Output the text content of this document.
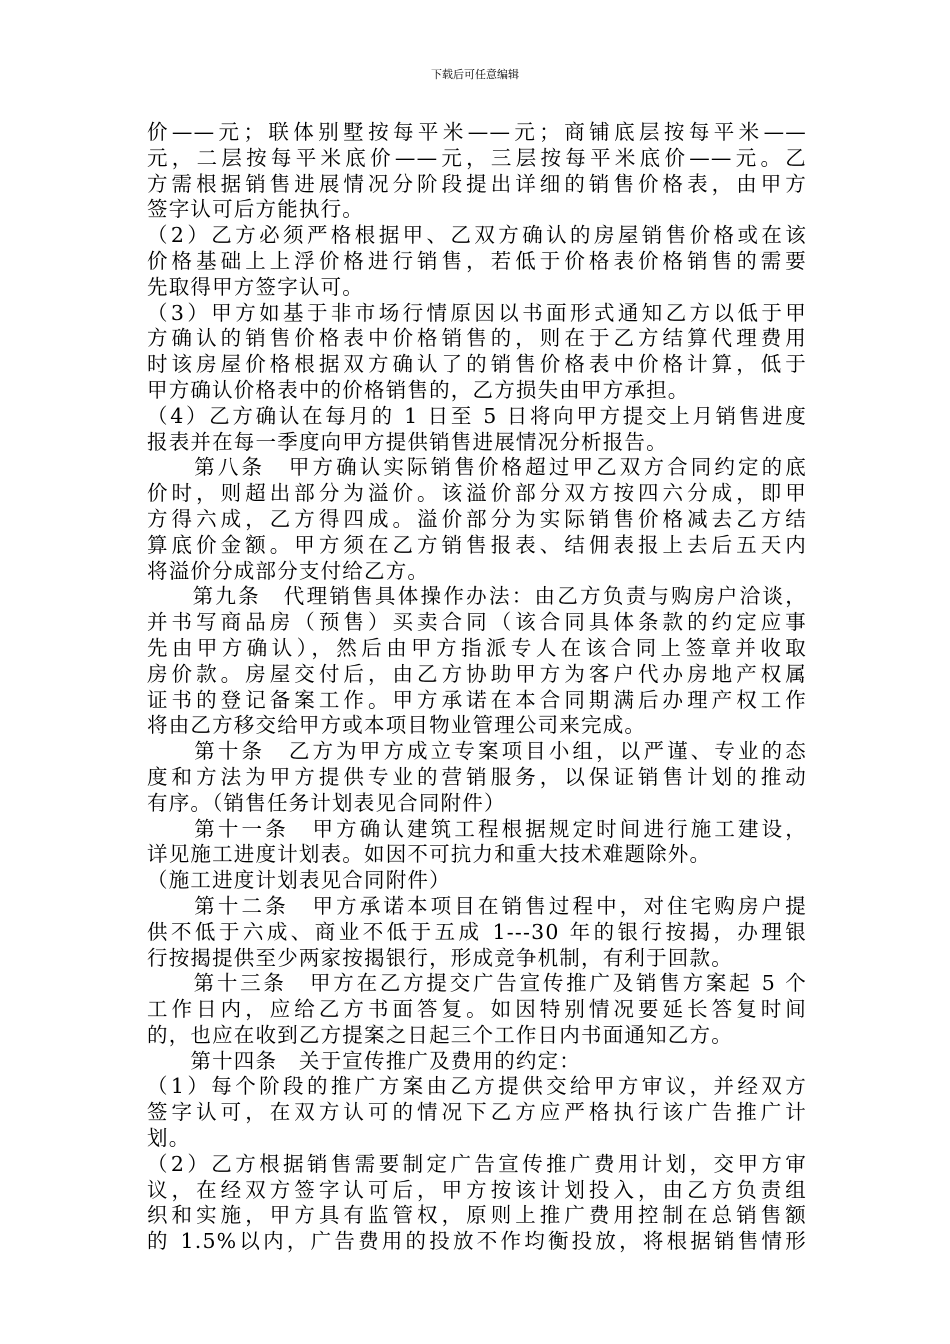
下载后可任意编辑
价——元；联体别墅按每平米——元；商铺底层按每平米——
元，二层按每平米底价——元，三层按每平米底价——元。乙
方需根据销售进展情况分阶段提出详细的销售价格表，由甲方
签字认可后方能执行。
（2）乙方必须严格根据甲、乙双方确认的房屋销售价格或在该
价格基础上上浮价格进行销售，若低于价格表价格销售的需要
先取得甲方签字认可。
（3）甲方如基于非市场行情原因以书面形式通知乙方以低于甲
方确认的销售价格表中价格销售的，则在于乙方结算代理费用
时该房屋价格根据双方确认了的销售价格表中价格计算，低于
甲方确认价格表中的价格销售的，乙方损失由甲方承担。
（4）乙方确认在每月的 1 日至 5 日将向甲方提交上月销售进度
报表并在每一季度向甲方提供销售进展情况分析报告。
　　第八条　甲方确认实际销售价格超过甲乙双方合同约定的底
价时，则超出部分为溢价。该溢价部分双方按四六分成，即甲
方得六成，乙方得四成。溢价部分为实际销售价格减去乙方结
算底价金额。甲方须在乙方销售报表、结佣表报上去后五天内
将溢价分成部分支付给乙方。
　　第九条　代理销售具体操作办法：由乙方负责与购房户洽谈，
并书写商品房（预售）买卖合同（该合同具体条款的约定应事
先由甲方确认），然后由甲方指派专人在该合同上签章并收取
房价款。房屋交付后，由乙方协助甲方为客户代办房地产权属
证书的登记备案工作。甲方承诺在本合同期满后办理产权工作
将由乙方移交给甲方或本项目物业管理公司来完成。
　　第十条　乙方为甲方成立专案项目小组，以严谨、专业的态
度和方法为甲方提供专业的营销服务，以保证销售计划的推动
有序。（销售任务计划表见合同附件）
　　第十一条　甲方确认建筑工程根据规定时间进行施工建设，
详见施工进度计划表。如因不可抗力和重大技术难题除外。
（施工进度计划表见合同附件）
　　第十二条　甲方承诺本项目在销售过程中，对住宅购房户提
供不低于六成、商业不低于五成 1---30 年的银行按揭，办理银
行按揭提供至少两家按揭银行，形成竞争机制，有利于回款。
　　第十三条　甲方在乙方提交广告宣传推广及销售方案起 5 个
工作日内，应给乙方书面答复。如因特别情况要延长答复时间
的，也应在收到乙方提案之日起三个工作日内书面通知乙方。
　　第十四条　关于宣传推广及费用的约定：
（1）每个阶段的推广方案由乙方提供交给甲方审议，并经双方
签字认可，在双方认可的情况下乙方应严格执行该广告推广计
划。
（2）乙方根据销售需要制定广告宣传推广费用计划，交甲方审
议，在经双方签字认可后，甲方按该计划投入，由乙方负责组
织和实施，甲方具有监管权，原则上推广费用控制在总销售额
的 1.5%以内，广告费用的投放不作均衡投放，将根据销售情形
